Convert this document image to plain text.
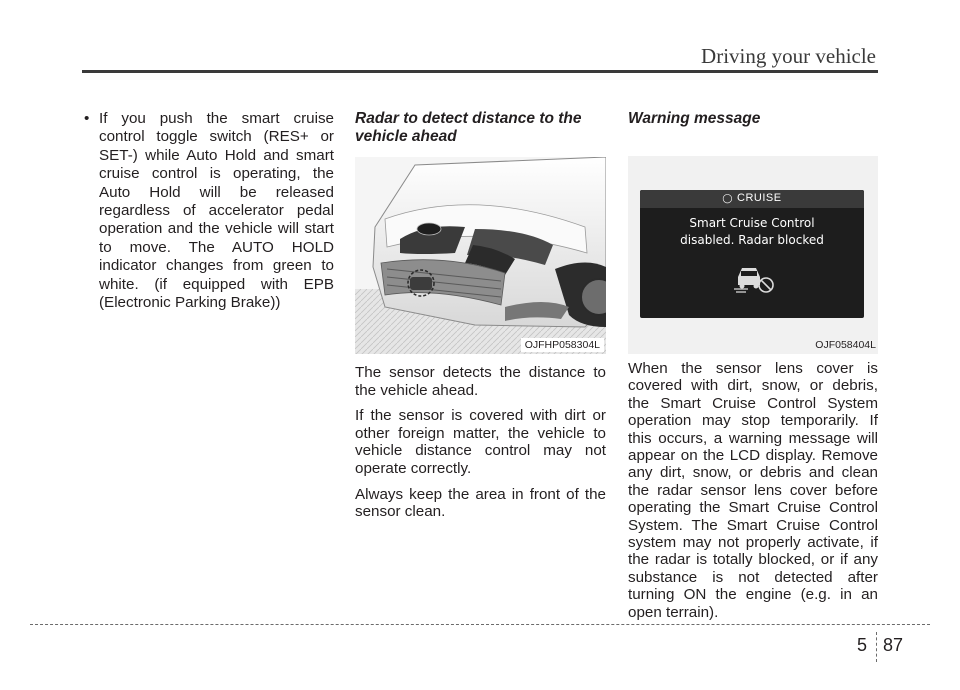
Driving your vehicle
• If you push the smart cruise control toggle switch (RES+ or SET-) while Auto Hold and smart cruise control is operating, the Auto Hold will be released regardless of accelerator pedal operation and the vehicle will start to move. The AUTO HOLD indicator changes from green to white. (if equipped with EPB (Electronic Parking Brake))
Radar to detect distance to the vehicle ahead
OJFHP058304L

The sensor detects the distance to the vehicle ahead.

If the sensor is covered with dirt or other foreign matter, the vehicle to vehicle distance control may not operate correctly.

Always keep the area in front of the sensor clean.

Warning message
◯ CRUISE
Smart Cruise Control
disabled. Radar blocked
OJF058404L

When the sensor lens cover is covered with dirt, snow, or debris, the Smart Cruise Control System operation may stop temporarily. If this occurs, a warning message will appear on the LCD display. Remove any dirt, snow, or debris and clean the radar sensor lens cover before operating the Smart Cruise Control System. The Smart Cruise Control system may not properly activate, if the radar is totally blocked, or if any substance is not detected after turning ON the engine (e.g. in an open terrain).

5 87
